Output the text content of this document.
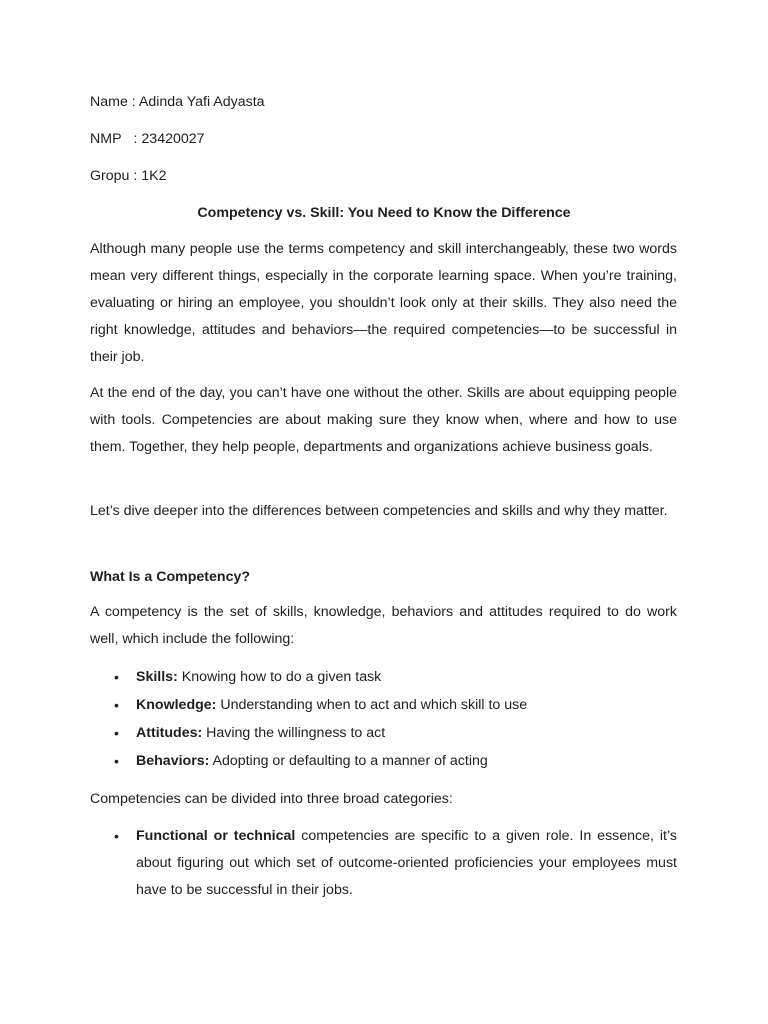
Name : Adinda Yafi Adyasta
NMP : 23420027
Gropu : 1K2
Competency vs. Skill: You Need to Know the Difference
Although many people use the terms competency and skill interchangeably, these two words mean very different things, especially in the corporate learning space. When you’re training, evaluating or hiring an employee, you shouldn’t look only at their skills. They also need the right knowledge, attitudes and behaviors—the required competencies—to be successful in their job.
At the end of the day, you can’t have one without the other. Skills are about equipping people with tools. Competencies are about making sure they know when, where and how to use them. Together, they help people, departments and organizations achieve business goals.
Let’s dive deeper into the differences between competencies and skills and why they matter.
What Is a Competency?
A competency is the set of skills, knowledge, behaviors and attitudes required to do work well, which include the following:
• Skills: Knowing how to do a given task
• Knowledge: Understanding when to act and which skill to use
• Attitudes: Having the willingness to act
• Behaviors: Adopting or defaulting to a manner of acting
Competencies can be divided into three broad categories:
• Functional or technical competencies are specific to a given role. In essence, it’s about figuring out which set of outcome-oriented proficiencies your employees must have to be successful in their jobs.
